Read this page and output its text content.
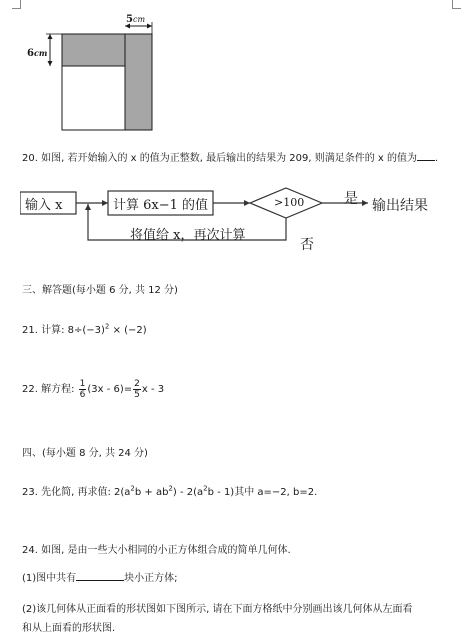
5cm
6cm
20. 如图, 若开始输入的 x 的值为正整数, 最后输出的结果为 209, 则满足条件的 x 的值为 .
输入 x	计算 6x−1 的值	>100	是 输出结果
将值给 x，再次计算
否
三、解答题(每小题 6 分, 共 12 分)
21. 计算: $8\div(-3)^2 \times (-2)$
22. 解方程: $\frac{1}{6} (3x - 6)= \frac{2}{5}$ x - 3
四、(每小题 8 分, 共 24 分)
23. 先化简, 再求值: $2(a^2b + ab^2) - 2(a^2b - 1)$其中 a=−2, b=2.
24. 如图, 是由一些大小相同的小正方体组合成的简单几何体.
(1)图中共有	块小正方体;
(2)该几何体从正面看的形状图如下图所示, 请在下面方格纸中分别画出该几何体从左面看
和从上面看的形状图.
